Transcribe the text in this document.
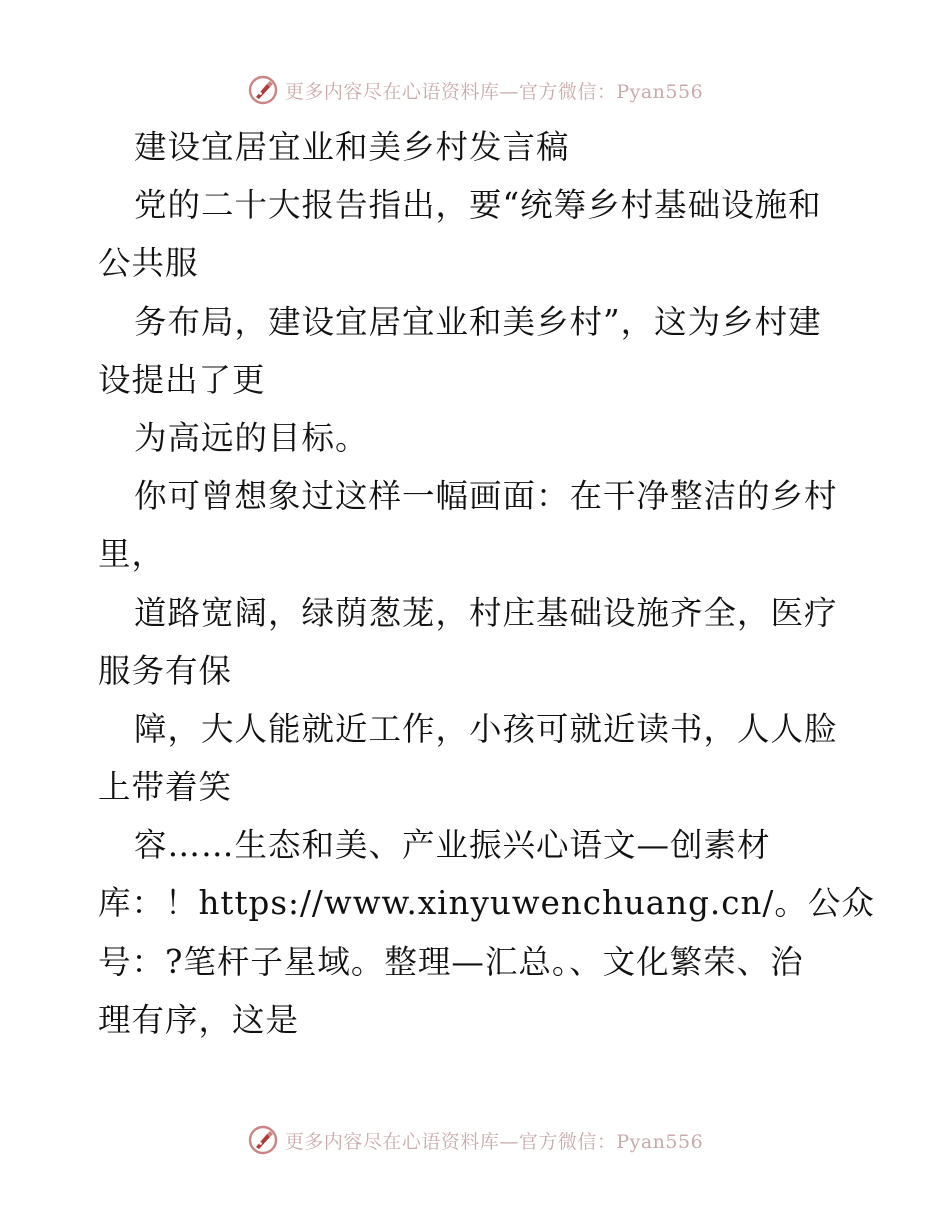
更多内容尽在心语资料库—官方微信：Pyan556
建设宜居宜业和美乡村发言稿
党的二十大报告指出，要“统筹乡村基础设施和
公共服
务布局，建设宜居宜业和美乡村”，这为乡村建
设提出了更
为高远的目标。
你可曾想象过这样一幅画面：在干净整洁的乡村
里，
道路宽阔，绿荫葱茏，村庄基础设施齐全，医疗
服务有保
障，大人能就近工作，小孩可就近读书，人人脸
上带着笑
容……生态和美、产业振兴心语文—创素材
库：！https://www.xinyuwenchuang.cn/。公众
号：?笔杆子星域。整理—汇总。、文化繁荣、治
理有序，这是
更多内容尽在心语资料库—官方微信：Pyan556
